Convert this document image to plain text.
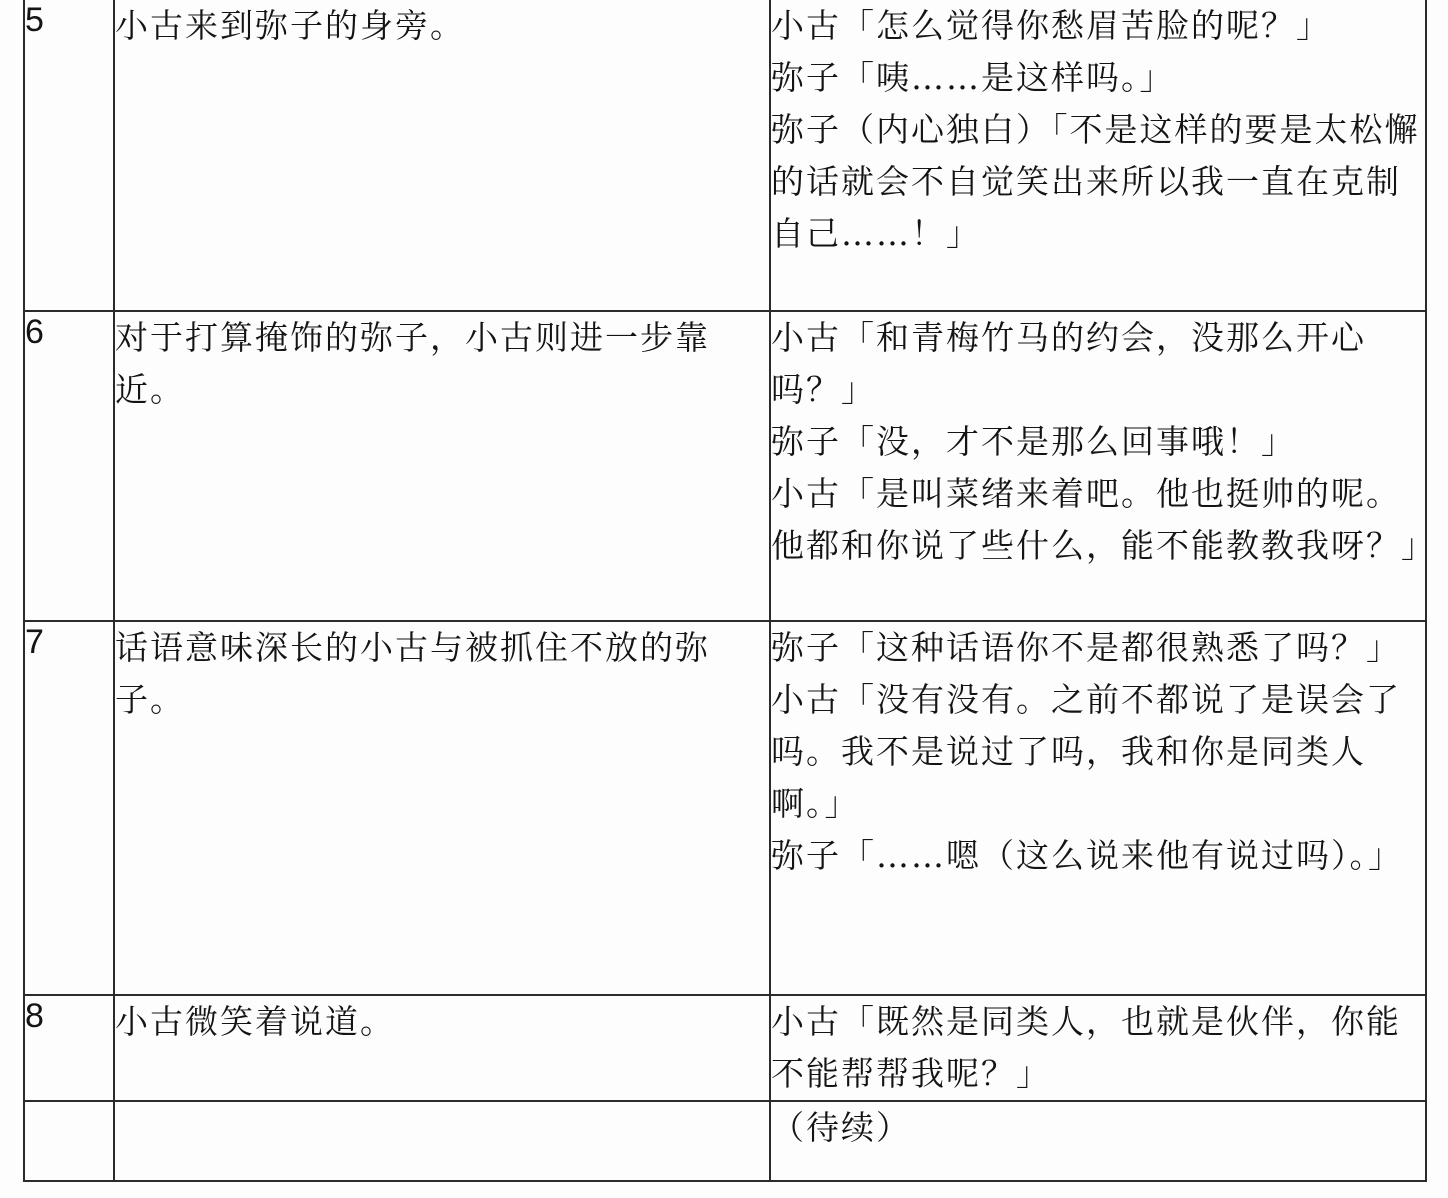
5	小古来到弥子的身旁。	小古「怎么觉得你愁眉苦脸的呢？」
弥子「咦……是这样吗。」
弥子（内心独白）「不是这样的要是太松懈的话就会不自觉笑出来所以我一直在克制自己……！」

6	对于打算掩饰的弥子，小古则进一步靠近。	小古「和青梅竹马的约会，没那么开心吗？」
弥子「没，才不是那么回事哦！」
小古「是叫菜绪来着吧。他也挺帅的呢。他都和你说了些什么，能不能教教我呀？」

7	话语意味深长的小古与被抓住不放的弥子。	弥子「这种话语你不是都很熟悉了吗？」
小古「没有没有。之前不都说了是误会了吗。我不是说过了吗，我和你是同类人啊。」
弥子「……嗯（这么说来他有说过吗）。」

8	小古微笑着说道。	小古「既然是同类人，也就是伙伴，你能不能帮帮我呢？」

		（待续）
